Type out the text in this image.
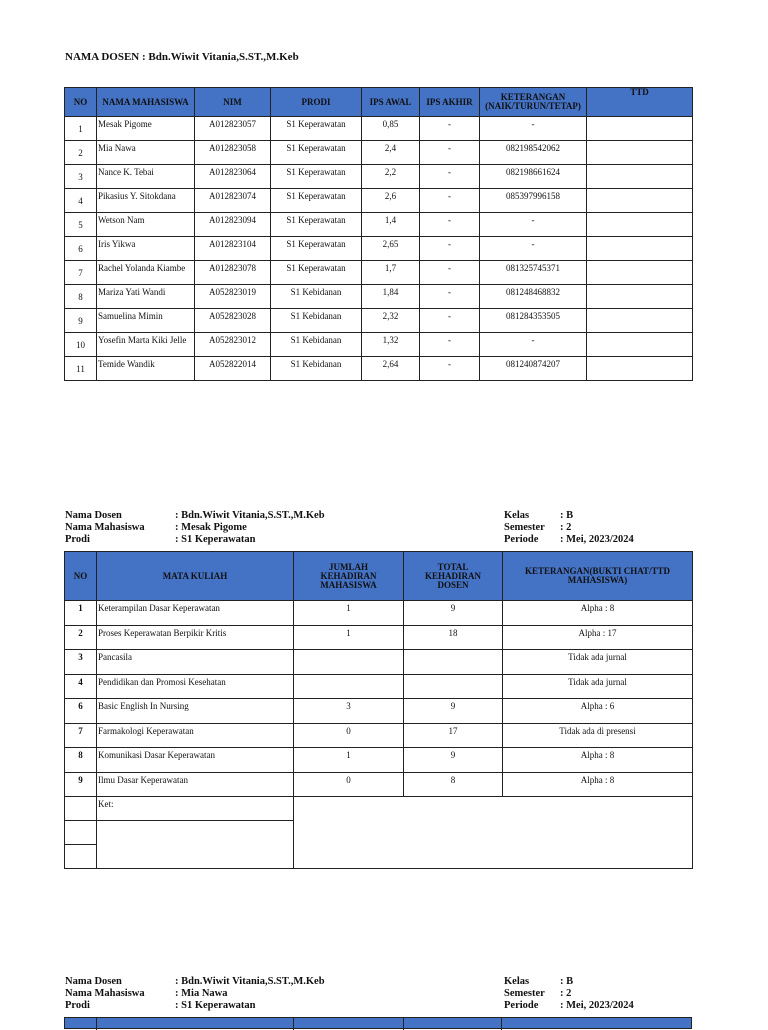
NAMA DOSEN : Bdn.Wiwit Vitania,S.ST.,M.Keb
NO	NAMA MAHASISWA	NIM	PRODI	IPS AWAL	IPS AKHIR	KETERANGAN (NAIK/TURUN/TETAP)	TTD
1	Mesak Pigome	A012823057	S1 Keperawatan	0,85	-	-	
2	Mia Nawa	A012823058	S1 Keperawatan	2,4	-	082198542062	
3	Nance K. Tebai	A012823064	S1 Keperawatan	2,2	-	082198661624	
4	Pikasius Y. Sitokdana	A012823074	S1 Keperawatan	2,6	-	085397996158	
5	Wetson Nam	A012823094	S1 Keperawatan	1,4	-	-	
6	Iris Yikwa	A012823104	S1 Keperawatan	2,65	-	-	
7	Rachel Yolanda Kiambe	A012823078	S1 Keperawatan	1,7	-	081325745371	
8	Mariza Yati Wandi	A052823019	S1 Kebidanan	1,84	-	081248468832	
9	Samuelina Mimin	A052823028	S1 Kebidanan	2,32	-	081284353505	
10	Yosefin Marta Kiki Jelle	A052823012	S1 Kebidanan	1,32	-	-	
11	Temide Wandik	A052822014	S1 Kebidanan	2,64	-	081240874207	
Nama Dosen	: Bdn.Wiwit Vitania,S.ST.,M.Keb
Nama Mahasiswa	: Mesak Pigome
Prodi	: S1 Keperawatan
Kelas	: B
Semester : 2
Periode : Mei, 2023/2024
NO	MATA KULIAH	JUMLAH KEHADIRAN MAHASISWA	TOTAL KEHADIRAN DOSEN	KETERANGAN(BUKTI CHAT/TTD MAHASISWA)
1	Keterampilan Dasar Keperawatan	1	9	Alpha : 8
2	Proses Keperawatan Berpikir Kritis	1	18	Alpha : 17
3	Pancasila			Tidak ada jurnal
4	Pendidikan dan Promosi Kesehatan			Tidak ada jurnal
6	Basic English In Nursing	3	9	Alpha : 6
7	Farmakologi Keperawatan	0	17	Tidak ada di presensi
8	Komunikasi Dasar Keperawatan	1	9	Alpha : 8
9	Ilmu Dasar Keperawatan	0	8	Alpha : 8
	Ket:			

Nama Dosen	: Bdn.Wiwit Vitania,S.ST.,M.Keb
Nama Mahasiswa	: Mia Nawa
Prodi	: S1 Keperawatan
Kelas	: B
Semester : 2
Periode : Mei, 2023/2024
